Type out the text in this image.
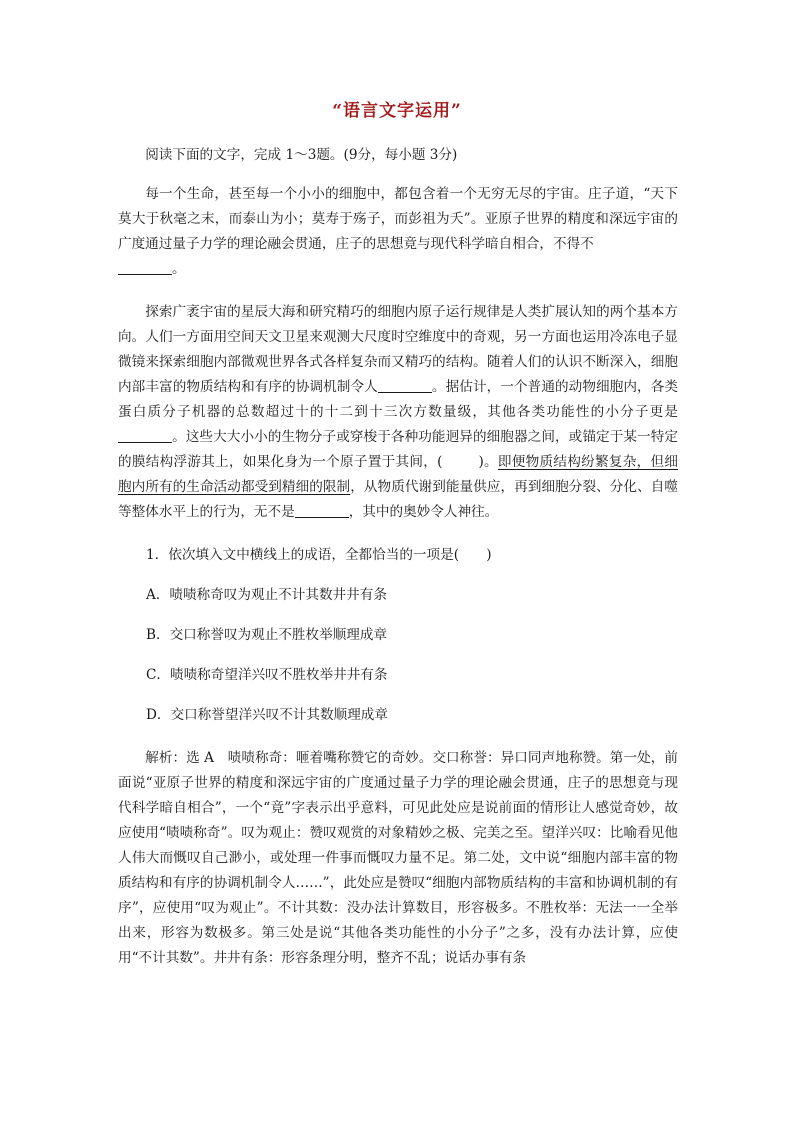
“语言文字运用”

阅读下面的文字，完成 1～3题。(9分，每小题 3分)

每一个生命，甚至每一个小小的细胞中，都包含着一个无穷无尽的宇宙。庄子道，“天下莫大于秋毫之末，而泰山为小；莫寿于殇子，而彭祖为夭”。亚原子世界的精度和深远宇宙的广度通过量子力学的理论融会贯通，庄子的思想竟与现代科学暗自相合，不得不
。

探索广袤宇宙的星辰大海和研究精巧的细胞内原子运行规律是人类扩展认知的两个基本方向。人们一方面用空间天文卫星来观测大尺度时空维度中的奇观，另一方面也运用冷冻电子显微镜来探索细胞内部微观世界各式各样复杂而又精巧的结构。随着人们的认识不断深入，细胞内部丰富的物质结构和有序的协调机制令人	。据估计，一个普通的动物细胞内，各类蛋白质分子机器的总数超过十的十二到十三次方数量级，其他各类功能性的小分子更是。这些大大小小的生物分子或穿梭于各种功能迥异的细胞器之间，或锚定于某一特定的膜结构浮游其上，如果化身为一个原子置于其间，(	)。即便物质结构纷繁复杂，但细胞内所有的生命活动都受到精细的限制，从物质代谢到能量供应，再到细胞分裂、分化、自噬等整体水平上的行为，无不是	，其中的奥妙令人神往。

1．依次填入文中横线上的成语，全都恰当的一项是(　　)

A．啧啧称奇叹为观止不计其数井井有条

B．交口称誉叹为观止不胜枚举顺理成章

C．啧啧称奇望洋兴叹不胜枚举井井有条

D．交口称誉望洋兴叹不计其数顺理成章

解析：选 A　啧啧称奇：咂着嘴称赞它的奇妙。交口称誉：异口同声地称赞。第一处，前面说“亚原子世界的精度和深远宇宙的广度通过量子力学的理论融会贯通，庄子的思想竟与现代科学暗自相合”，一个“竟”字表示出乎意料，可见此处应是说前面的情形让人感觉奇妙，故应使用“啧啧称奇”。叹为观止：赞叹观赏的对象精妙之极、完美之至。望洋兴叹：比喻看见他人伟大而慨叹自己渺小，或处理一件事而慨叹力量不足。第二处，文中说“细胞内部丰富的物质结构和有序的协调机制令人……”，此处应是赞叹“细胞内部物质结构的丰富和协调机制的有序”，应使用“叹为观止”。不计其数：没办法计算数目，形容极多。不胜枚举：无法一一全举出来，形容为数极多。第三处是说“其他各类功能性的小分子”之多，没有办法计算，应使用“不计其数”。井井有条：形容条理分明，整齐不乱；说话办事有条
